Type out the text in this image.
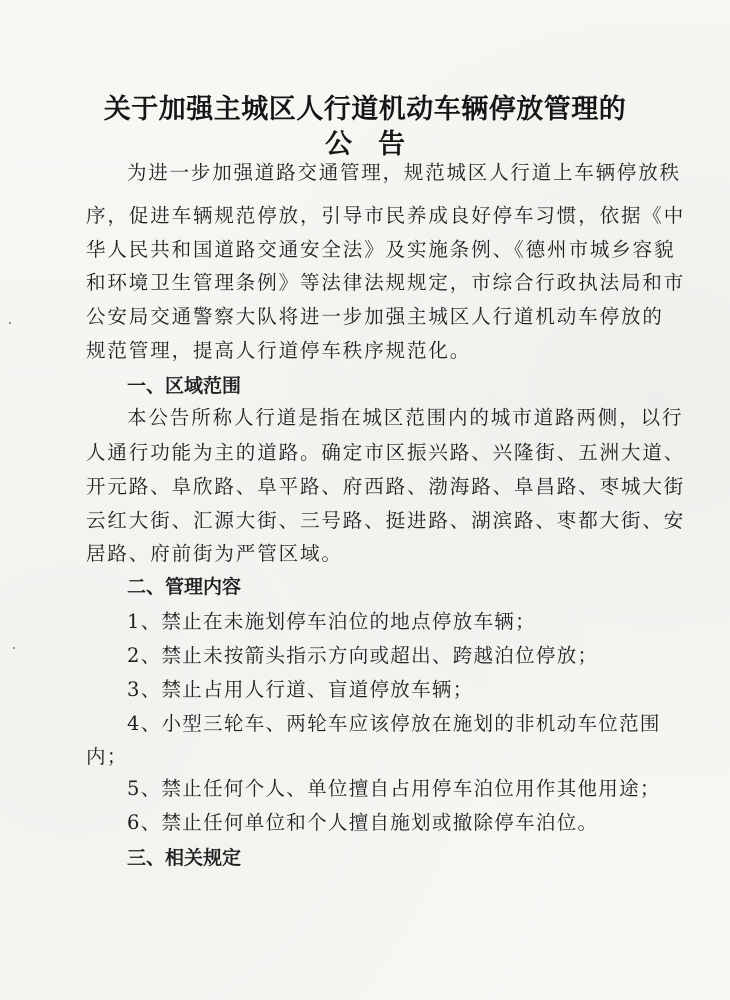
关于加强主城区人行道机动车辆停放管理的
公告
为进一步加强道路交通管理，规范城区人行道上车辆停放秩
序，促进车辆规范停放，引导市民养成良好停车习惯，依据《中
华人民共和国道路交通安全法》及实施条例、《德州市城乡容貌
和环境卫生管理条例》等法律法规规定，市综合行政执法局和市
公安局交通警察大队将进一步加强主城区人行道机动车停放的
规范管理，提高人行道停车秩序规范化。
一、区域范围
本公告所称人行道是指在城区范围内的城市道路两侧，以行
人通行功能为主的道路。确定市区振兴路、兴隆街、五洲大道、
开元路、阜欣路、阜平路、府西路、渤海路、阜昌路、枣城大街
云红大街、汇源大街、三号路、挺进路、湖滨路、枣都大街、安
居路、府前街为严管区域。
二、管理内容
1、禁止在未施划停车泊位的地点停放车辆；
2、禁止未按箭头指示方向或超出、跨越泊位停放；
3、禁止占用人行道、盲道停放车辆；
4、小型三轮车、两轮车应该停放在施划的非机动车位范围
内；
5、禁止任何个人、单位擅自占用停车泊位用作其他用途；
6、禁止任何单位和个人擅自施划或撤除停车泊位。
三、相关规定
